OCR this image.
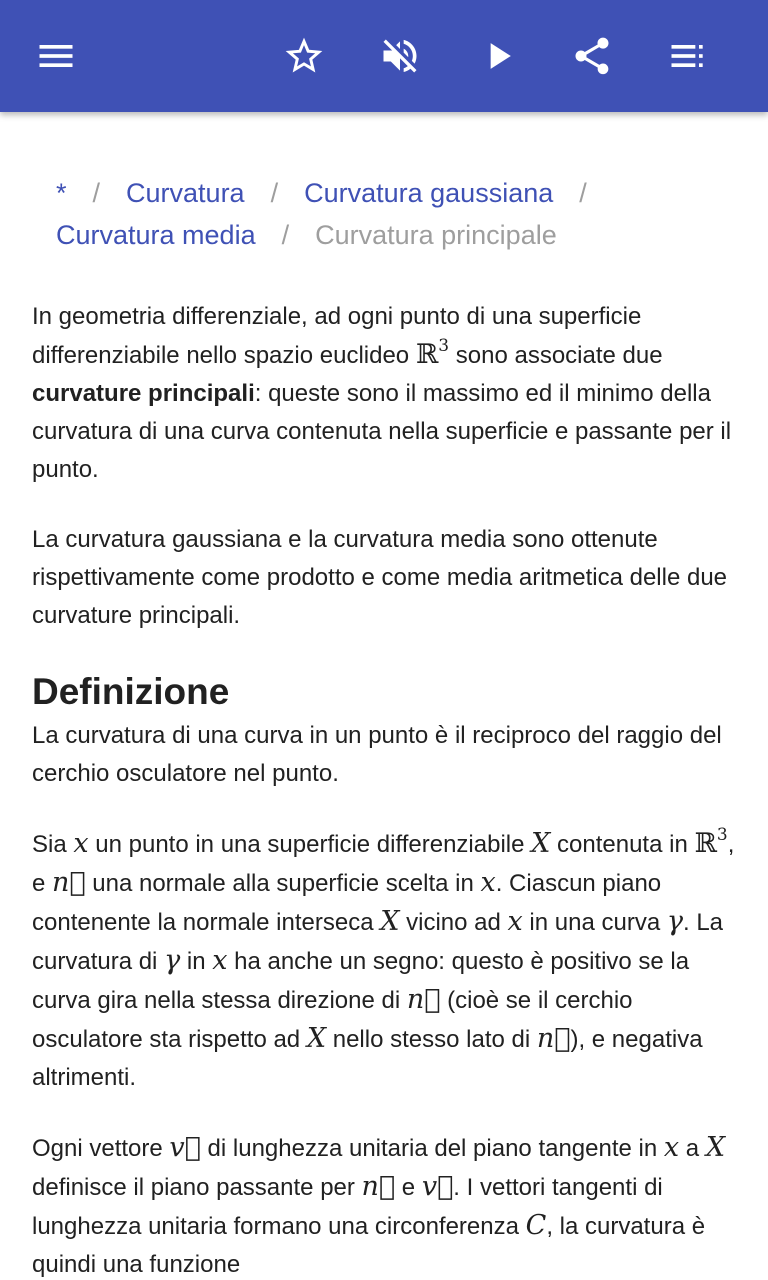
* / Curvatura / Curvatura gaussiana /
Curvatura media / Curvatura principale

In geometria differenziale, ad ogni punto di una superficie differenziabile nello spazio euclideo ℝ$^3$ sono associate due curvature principali: queste sono il massimo ed il minimo della curvatura di una curva contenuta nella superficie e passante per il punto.

La curvatura gaussiana e la curvatura media sono ottenute rispettivamente come prodotto e come media aritmetica delle due curvature principali.

Definizione

La curvatura di una curva in un punto è il reciproco del raggio del cerchio osculatore nel punto.

Sia x un punto in una superficie differenziabile X contenuta in ℝ$^3$, e n⃗ una normale alla superficie scelta in x. Ciascun piano contenente la normale interseca X vicino ad x in una curva γ. La curvatura di γ in x ha anche un segno: questo è positivo se la curva gira nella stessa direzione di n⃗ (cioè se il cerchio osculatore sta rispetto ad X nello stesso lato di n⃗), e negativa altrimenti.

Ogni vettore v⃗ di lunghezza unitaria del piano tangente in x a X definisce il piano passante per n⃗ e v⃗. I vettori tangenti di lunghezza unitaria formano una circonferenza C, la curvatura è quindi una funzione
